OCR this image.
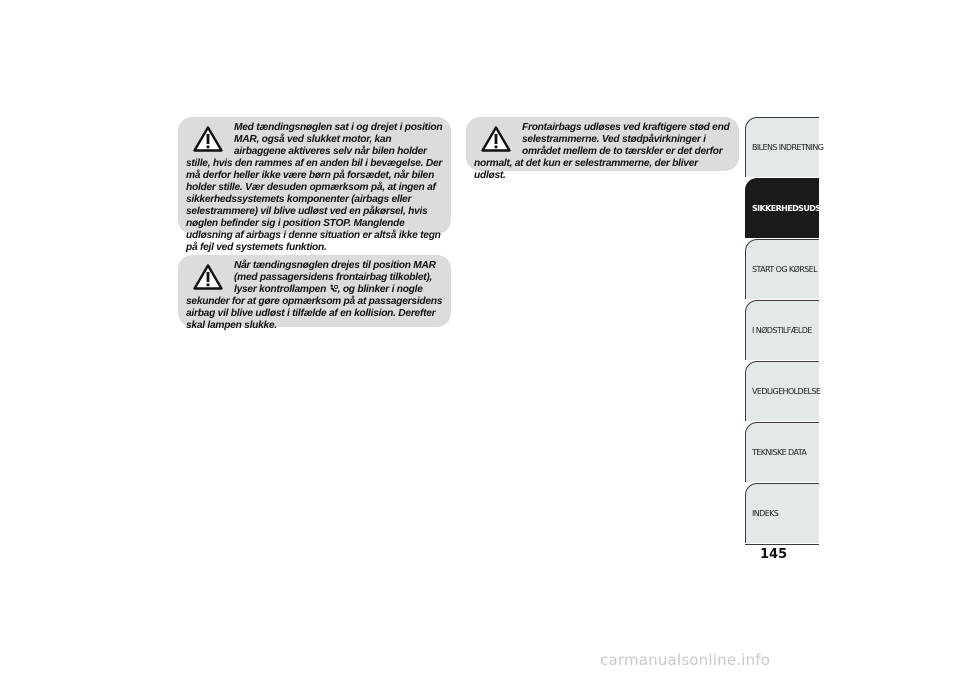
Med tændingsnøglen sat i og drejet i position MAR, også ved slukket motor, kan airbaggene aktiveres selv når bilen holder stille, hvis den rammes af en anden bil i bevægelse. Der må derfor heller ikke være børn på forsædet, når bilen holder stille. Vær desuden opmærksom på, at ingen af sikkerhedssystemets komponenter (airbags eller selestrammere) vil blive udløst ved en påkørsel, hvis nøglen befinder sig i position STOP. Manglende udløsning af airbags i denne situation er altså ikke tegn på fejl ved systemets funktion.

Når tændingsnøglen drejes til position MAR (med passagersidens frontairbag tilkoblet), lyser kontrollampen , og blinker i nogle sekunder for at gøre opmærksom på at passagersidens airbag vil blive udløst i tilfælde af en kollision. Derefter skal lampen slukke.

Frontairbags udløses ved kraftigere stød end selestrammerne. Ved stødpåvirkninger i området mellem de to tærskler er det derfor normalt, at det kun er selestrammerne, der bliver udløst.

BILENS INDRETNING
SIKKERHEDSUDSTYR
START OG KØRSEL
I NØDSTILFÆLDE
VEDLIGEHOLDELSE
TEKNISKE DATA
INDEKS
145
carmanualsonline.info
